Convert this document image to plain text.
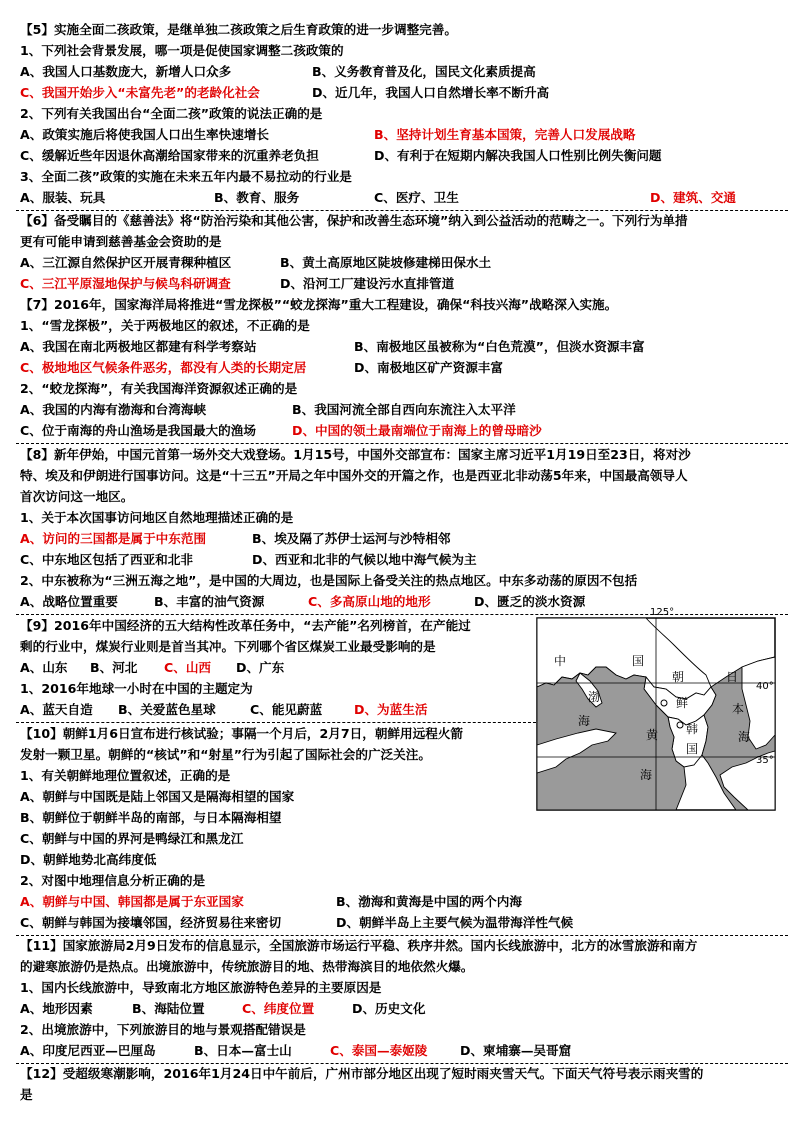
【5】实施全面二孩政策，是继单独二孩政策之后生育政策的进一步调整完善。
1、下列社会背景发展，哪一项是促使国家调整二孩政策的
A、我国人口基数庞大，新增人口众多	B、义务教育普及化，国民文化素质提高
C、我国开始步入“未富先老”的老龄化社会	D、近几年，我国人口自然增长率不断升高
2、下列有关我国出台“全面二孩”政策的说法正确的是
A、政策实施后将使我国人口出生率快速增长	B、坚持计划生育基本国策，完善人口发展战略
C、缓解近些年因退休高潮给国家带来的沉重养老负担	D、有利于在短期内解决我国人口性别比例失衡问题
3、全面二孩”政策的实施在未来五年内最不易拉动的行业是
A、服装、玩具	B、教育、服务	C、医疗、卫生	D、建筑、交通
【6】备受瞩目的《慈善法》将“防治污染和其他公害，保护和改善生态环境”纳入到公益活动的范畴之一。下列行为单措
更有可能申请到慈善基金会资助的是
A、三江源自然保护区开展青稞种植区	B、黄土高原地区陡坡修建梯田保水土
C、三江平原湿地保护与候鸟科研调查	D、沿河工厂建设污水直排管道
【7】2016年，国家海洋局将推进“雪龙探极”“蛟龙探海”重大工程建设，确保“科技兴海”战略深入实施。
1、“雪龙探极”，关于两极地区的叙述，不正确的是
A、我国在南北两极地区都建有科学考察站	B、南极地区虽被称为“白色荒漠”，但淡水资源丰富
C、极地地区气候条件恶劣，都没有人类的长期定居	D、南极地区矿产资源丰富
2、“蛟龙探海”，有关我国海洋资源叙述正确的是
A、我国的内海有渤海和台湾海峡	B、我国河流全部自西向东流注入太平洋
C、位于南海的舟山渔场是我国最大的渔场	D、中国的领土最南端位于南海上的曾母暗沙
【8】新年伊始，中国元首第一场外交大戏登场。1月15号，中国外交部宣布：国家主席习近平1月19日至23日，将对沙
特、埃及和伊朗进行国事访问。这是“十三五”开局之年中国外交的开篇之作，也是西亚北非动荡5年来，中国最高领导人
首次访问这一地区。
1、关于本次国事访问地区自然地理描述正确的是
A、访问的三国都是属于中东范围	B、埃及隔了苏伊士运河与沙特相邻
C、中东地区包括了西亚和北非	D、西亚和北非的气候以地中海气候为主
2、中东被称为“三洲五海之地”，是中国的大周边，也是国际上备受关注的热点地区。中东多动荡的原因不包括
A、战略位置重要	B、丰富的油气资源	C、多高原山地的地形	D、匮乏的淡水资源
【9】2016年中国经济的五大结构性改革任务中，“去产能”名列榜首，在产能过
剩的行业中，煤炭行业则是首当其冲。下列哪个省区煤炭工业最受影响的是
A、山东 B、河北 C、山西 D、广东
1、2016年地球一小时在中国的主题定为
A、蓝天自造 B、关爱蓝色星球	C、能见蔚蓝	D、为蓝生活
【10】朝鲜1月6日宣布进行核试验；事隔一个月后，2月7日，朝鲜用远程火箭
发射一颗卫星。朝鲜的“核试”和“射星”行为引起了国际社会的广泛关注。
1、有关朝鲜地理位置叙述，正确的是
A、朝鲜与中国既是陆上邻国又是隔海相望的国家
B、朝鲜位于朝鲜半岛的南部，与日本隔海相望
C、朝鲜与中国的界河是鸭绿江和黑龙江
D、朝鲜地势北高纬度低
2、对图中地理信息分析正确的是
A、朝鲜与中国、韩国都是属于东亚国家	B、渤海和黄海是中国的两个内海
C、朝鲜与韩国为接壤邻国，经济贸易往来密切	D、朝鲜半岛上主要气候为温带海洋性气候
【11】国家旅游局2月9日发布的信息显示，全国旅游市场运行平稳、秩序井然。国内长线旅游中，北方的冰雪旅游和南方
的避寒旅游仍是热点。出境旅游中，传统旅游目的地、热带海滨目的地依然火爆。
1、国内长线旅游中，导致南北方地区旅游特色差异的主要原因是
A、地形因素	B、海陆位置	C、纬度位置	D、历史文化
2、出境旅游中，下列旅游目的地与景观搭配错误是
A、印度尼西亚—巴厘岛	B、日本—富士山	C、泰国—泰姬陵	D、柬埔寨—吴哥窟
【12】受超级寒潮影响，2016年1月24日中午前后，广州市部分地区出现了短时雨夹雪天气。下面天气符号表示雨夹雪的
是
125°
40°
35°
中	国
朝
鲜
日
本
海
渤
海
黄
海
韩
国
